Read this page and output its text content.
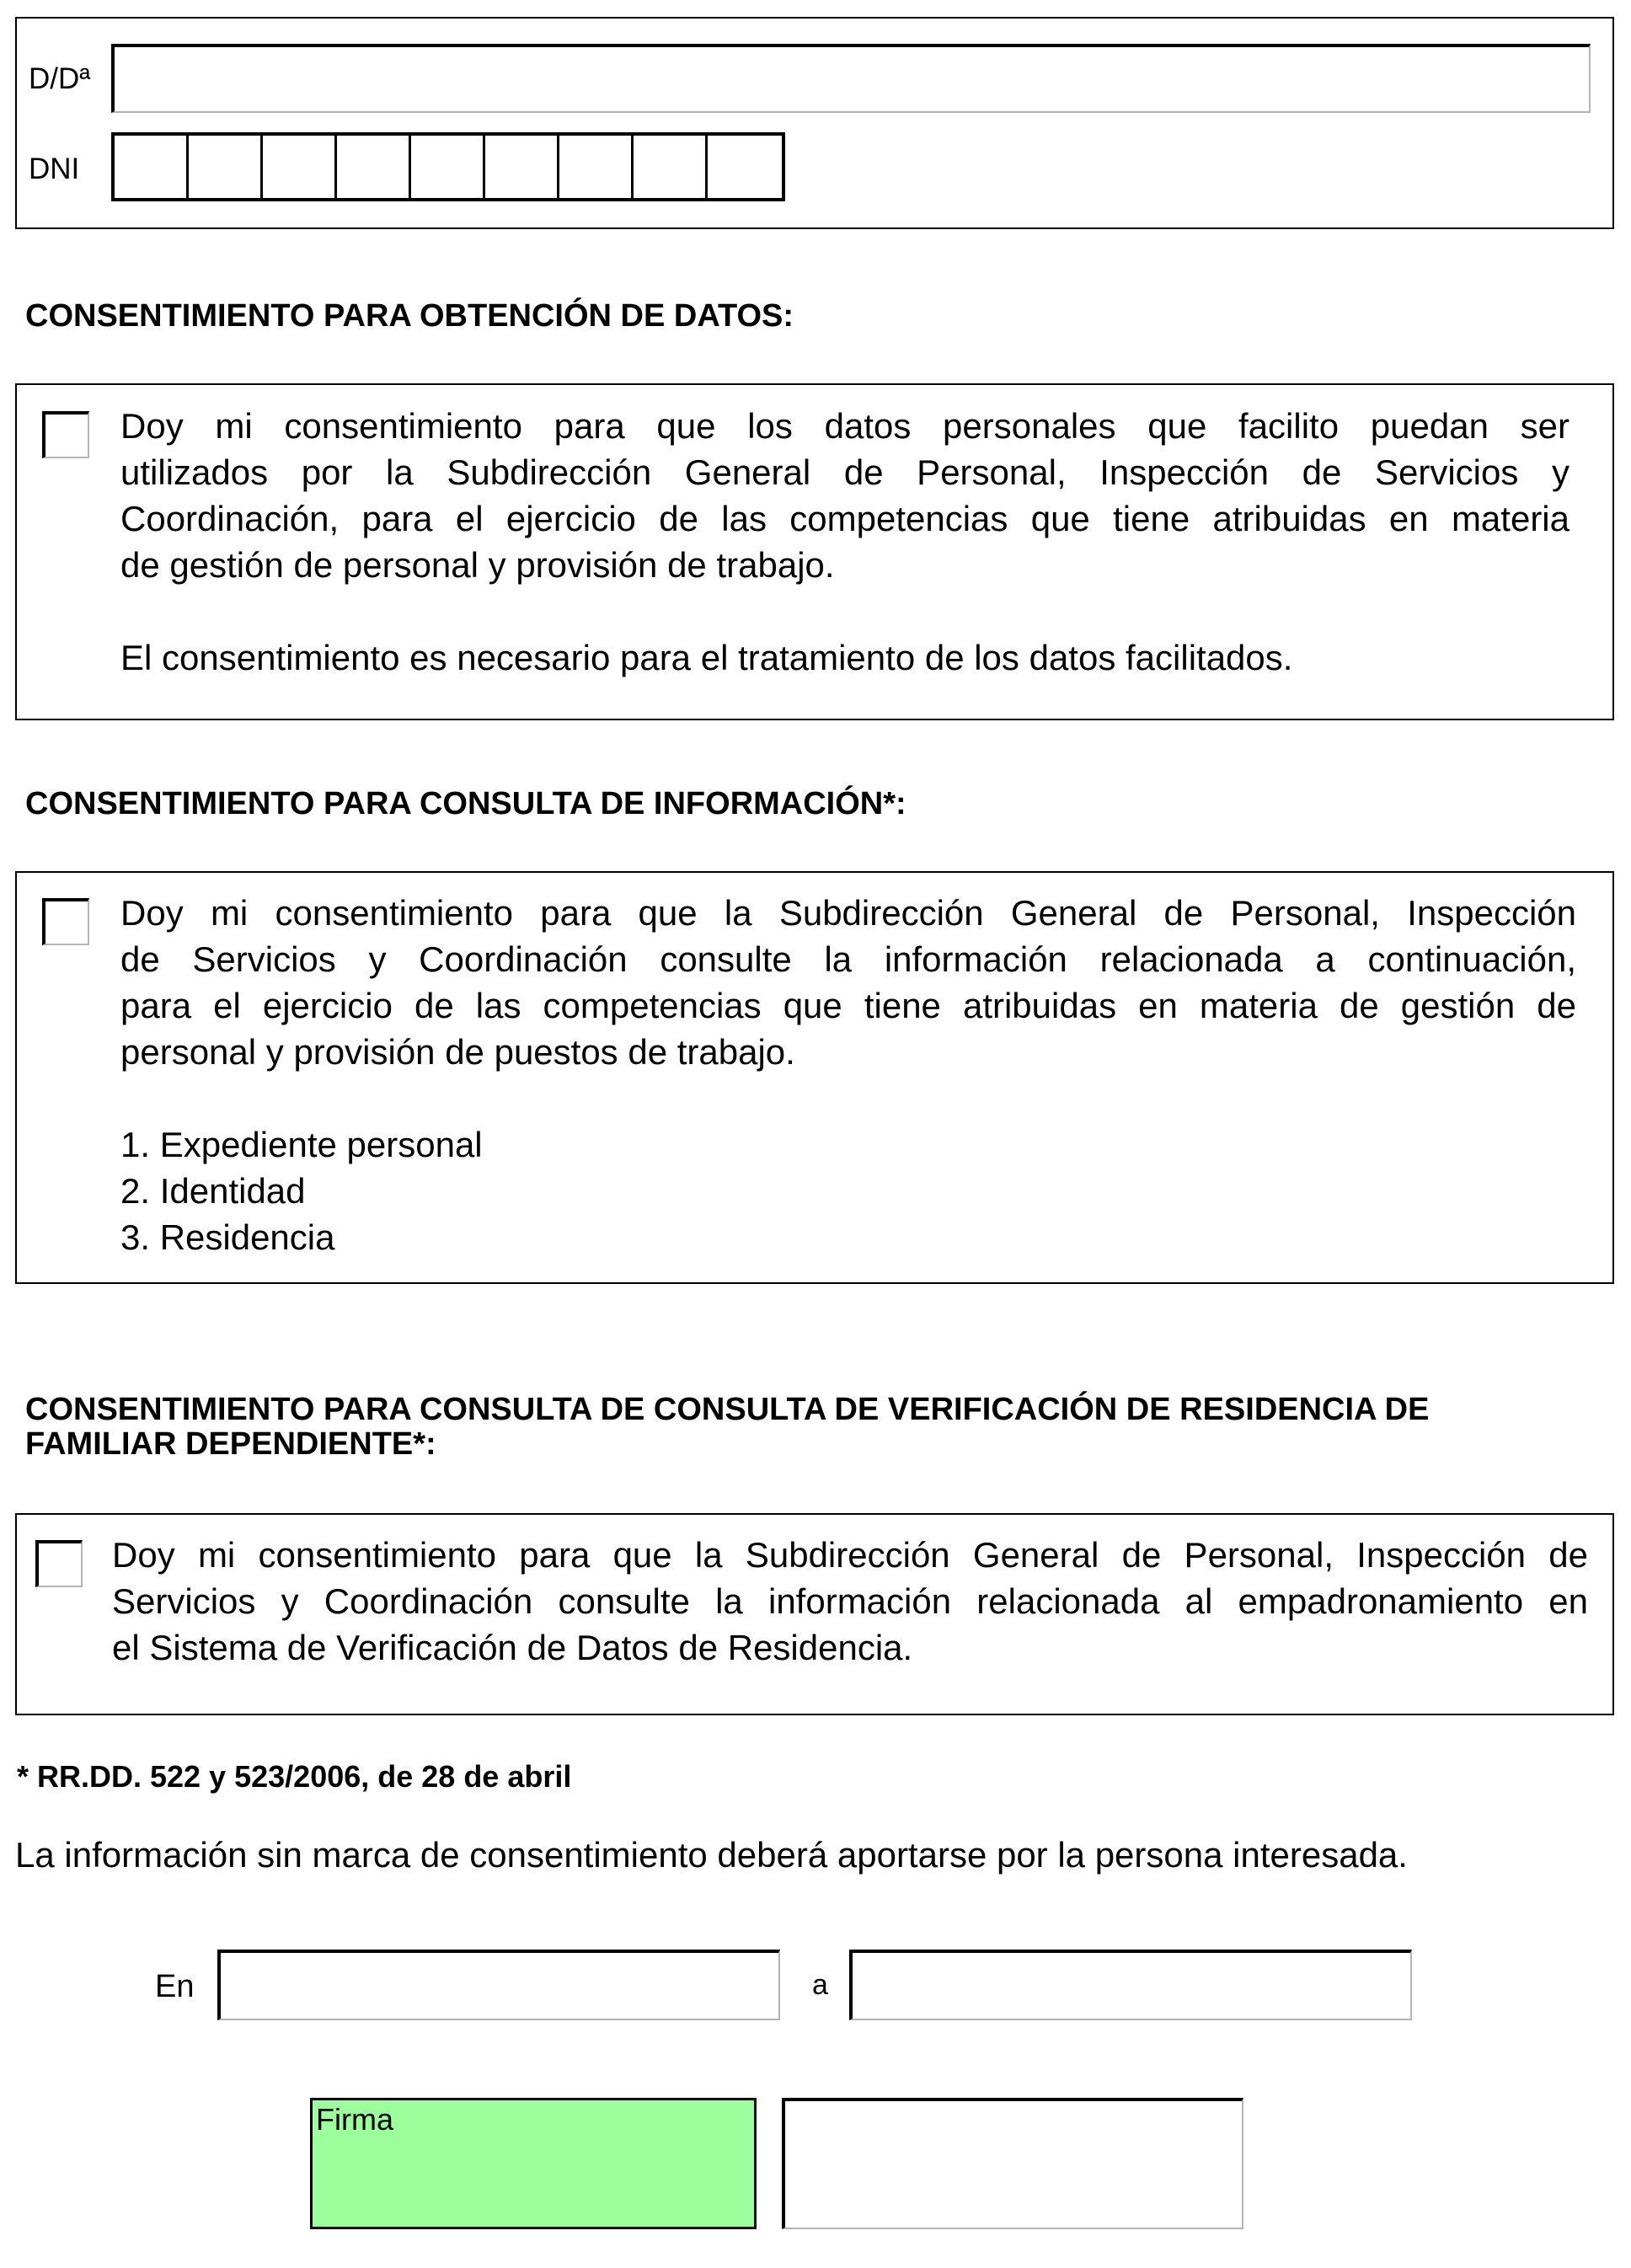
D/Dª
DNI
CONSENTIMIENTO PARA OBTENCIÓN DE DATOS:
Doy mi consentimiento para que los datos personales que facilito puedan ser
utilizados por la Subdirección General de Personal, Inspección de Servicios y
Coordinación, para el ejercicio de las competencias que tiene atribuidas en materia
de gestión de personal y provisión de trabajo.
El consentimiento es necesario para el tratamiento de los datos facilitados.
CONSENTIMIENTO PARA CONSULTA DE INFORMACIÓN*:
Doy mi consentimiento para que la Subdirección General de Personal, Inspección
de Servicios y Coordinación consulte la información relacionada a continuación,
para el ejercicio de las competencias que tiene atribuidas en materia de gestión de
personal y provisión de puestos de trabajo.
1. Expediente personal
2. Identidad
3. Residencia
CONSENTIMIENTO PARA CONSULTA DE CONSULTA DE VERIFICACIÓN DE RESIDENCIA DE
FAMILIAR DEPENDIENTE*:
Doy mi consentimiento para que la Subdirección General de Personal, Inspección de
Servicios y Coordinación consulte la información relacionada al empadronamiento en
el Sistema de Verificación de Datos de Residencia.
* RR.DD. 522 y 523/2006, de 28 de abril
La información sin marca de consentimiento deberá aportarse por la persona interesada.
En	a
Firma
